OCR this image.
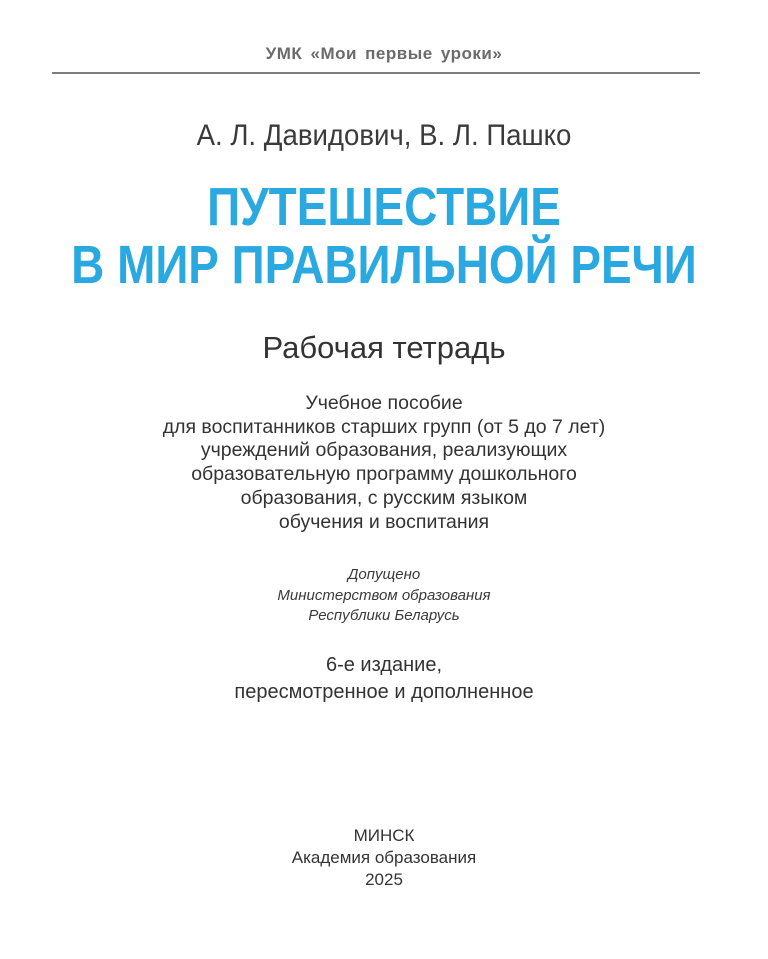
УМК «Мои первые уроки»
А. Л. Давидович, В. Л. Пашко
ПУТЕШЕСТВИЕ
В МИР ПРАВИЛЬНОЙ РЕЧИ
Рабочая тетрадь
Учебное пособие
для воспитанников старших групп (от 5 до 7 лет)
учреждений образования, реализующих
образовательную программу дошкольного
образования, с русским языком
обучения и воспитания
Допущено
Министерством образования
Республики Беларусь
6-е издание,
пересмотренное и дополненное
МИНСК
Академия образования
2025
